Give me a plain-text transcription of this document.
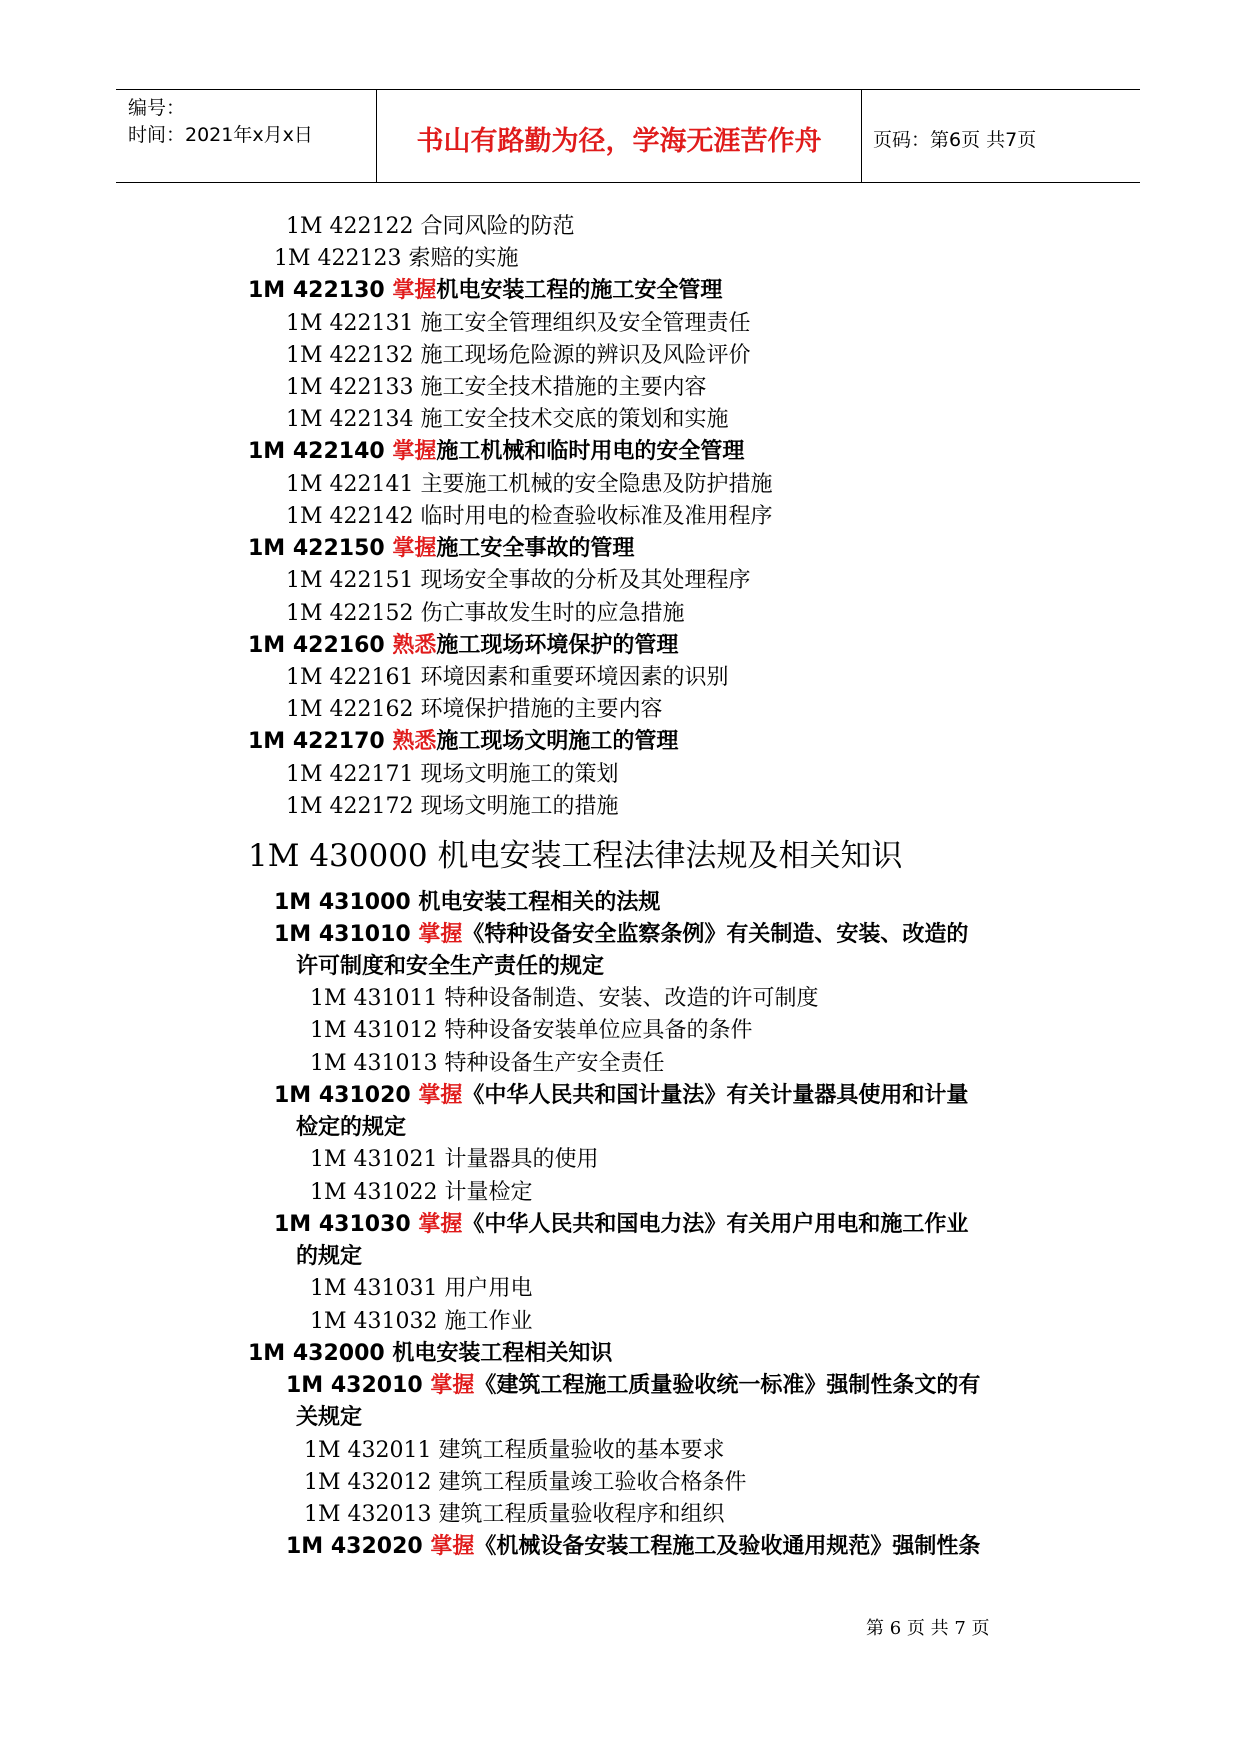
编号：
时间：2021年x月x日	书山有路勤为径，学海无涯苦作舟	页码：第6页 共7页
1M 422122 合同风险的防范
1M 422123 索赔的实施
1M 422130 掌握机电安装工程的施工安全管理
1M 422131 施工安全管理组织及安全管理责任
1M 422132 施工现场危险源的辨识及风险评价
1M 422133 施工安全技术措施的主要内容
1M 422134 施工安全技术交底的策划和实施
1M 422140 掌握施工机械和临时用电的安全管理
1M 422141 主要施工机械的安全隐患及防护措施
1M 422142 临时用电的检查验收标准及准用程序
1M 422150 掌握施工安全事故的管理
1M 422151 现场安全事故的分析及其处理程序
1M 422152 伤亡事故发生时的应急措施
1M 422160 熟悉施工现场环境保护的管理
1M 422161 环境因素和重要环境因素的识别
1M 422162 环境保护措施的主要内容
1M 422170 熟悉施工现场文明施工的管理
1M 422171 现场文明施工的策划
1M 422172 现场文明施工的措施
1M 430000 机电安装工程法律法规及相关知识
1M 431000 机电安装工程相关的法规
1M 431010 掌握《特种设备安全监察条例》有关制造、安装、改造的
许可制度和安全生产责任的规定
1M 431011 特种设备制造、安装、改造的许可制度
1M 431012 特种设备安装单位应具备的条件
1M 431013 特种设备生产安全责任
1M 431020 掌握《中华人民共和国计量法》有关计量器具使用和计量
检定的规定
1M 431021 计量器具的使用
1M 431022 计量检定
1M 431030 掌握《中华人民共和国电力法》有关用户用电和施工作业
的规定
1M 431031 用户用电
1M 431032 施工作业
1M 432000 机电安装工程相关知识
1M 432010 掌握《建筑工程施工质量验收统一标准》强制性条文的有
关规定
1M 432011 建筑工程质量验收的基本要求
1M 432012 建筑工程质量竣工验收合格条件
1M 432013 建筑工程质量验收程序和组织
1M 432020 掌握《机械设备安装工程施工及验收通用规范》强制性条
第 6 页 共 7 页
